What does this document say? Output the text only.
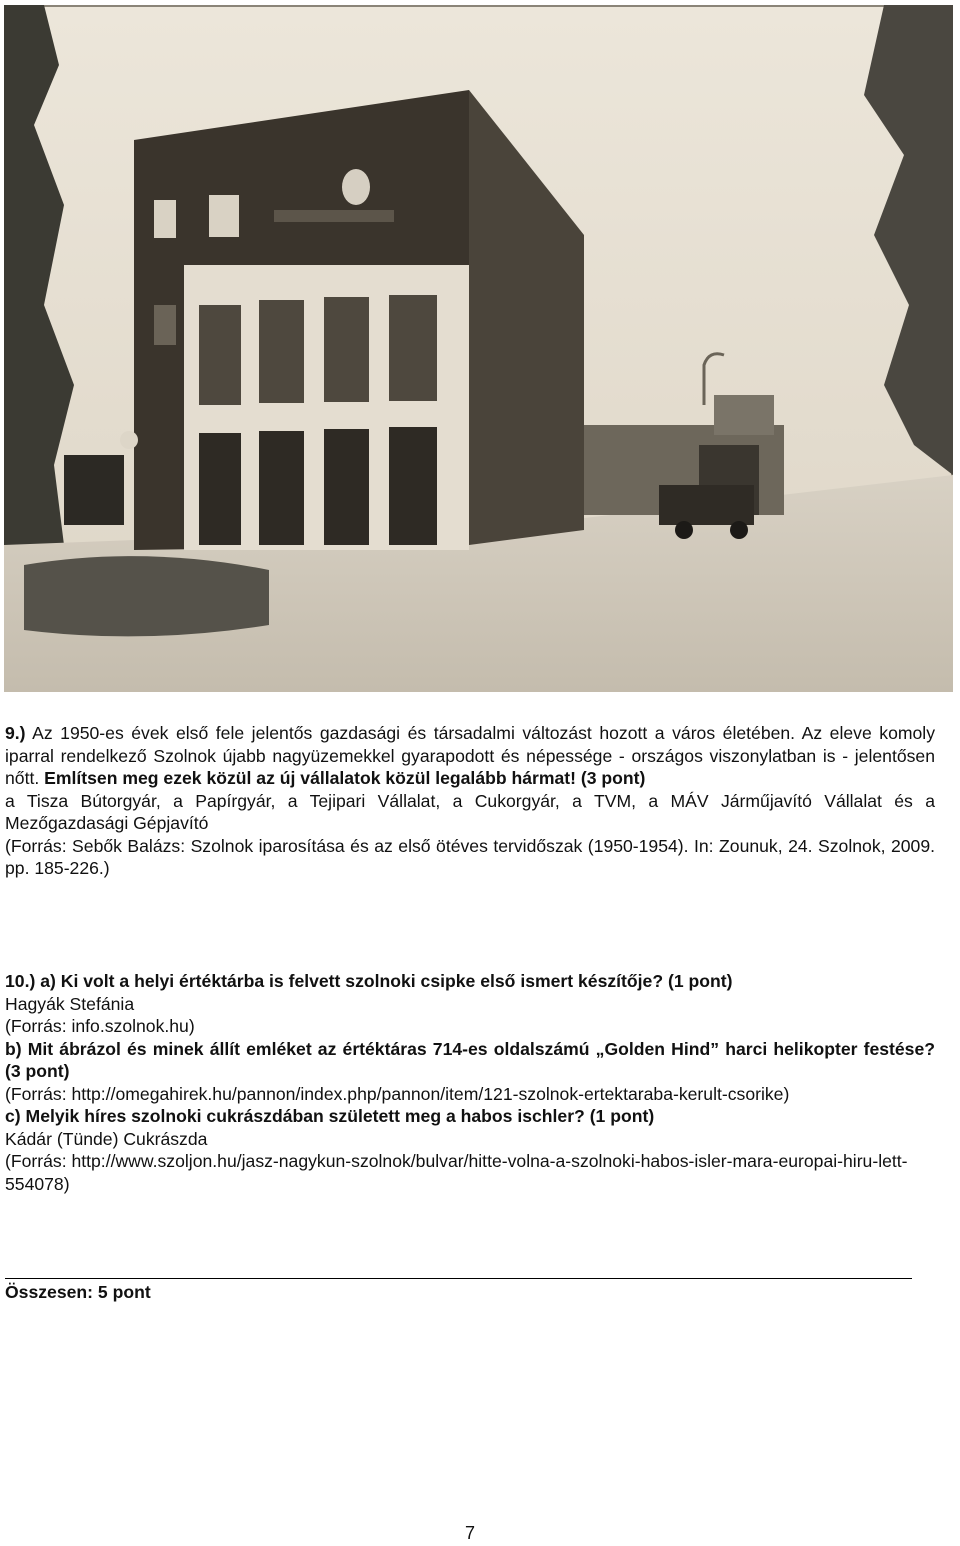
9.) Az 1950-es évek első fele jelentős gazdasági és társadalmi változást hozott a város életében. Az eleve komoly iparral rendelkező Szolnok újabb nagyüzemekkel gyarapodott és népessége - országos viszonylatban is - jelentősen nőtt. Említsen meg ezek közül az új vállalatok közül legalább hármat! (3 pont)

a Tisza Bútorgyár, a Papírgyár, a Tejipari Vállalat, a Cukorgyár, a TVM, a MÁV Járműjavító Vállalat és a Mezőgazdasági Gépjavító

(Forrás: Sebők Balázs: Szolnok iparosítása és az első ötéves tervidőszak (1950-1954). In: Zounuk, 24. Szolnok, 2009. pp. 185-226.)

10.) a) Ki volt a helyi értéktárba is felvett szolnoki csipke első ismert készítője? (1 pont)

Hagyák Stefánia

(Forrás: info.szolnok.hu)

b) Mit ábrázol és minek állít emléket az értéktáras 714-es oldalszámú „Golden Hind” harci helikopter festése? (3 pont)

(Forrás: http://omegahirek.hu/pannon/index.php/pannon/item/121-szolnok-ertektaraba-kerult-csorike)

c) Melyik híres szolnoki cukrászdában született meg a habos ischler? (1 pont)

Kádár (Tünde) Cukrászda

(Forrás: http://www.szoljon.hu/jasz-nagykun-szolnok/bulvar/hitte-volna-a-szolnoki-habos-isler-mara-europai-hiru-lett-554078)

Összesen: 5 pont
7
